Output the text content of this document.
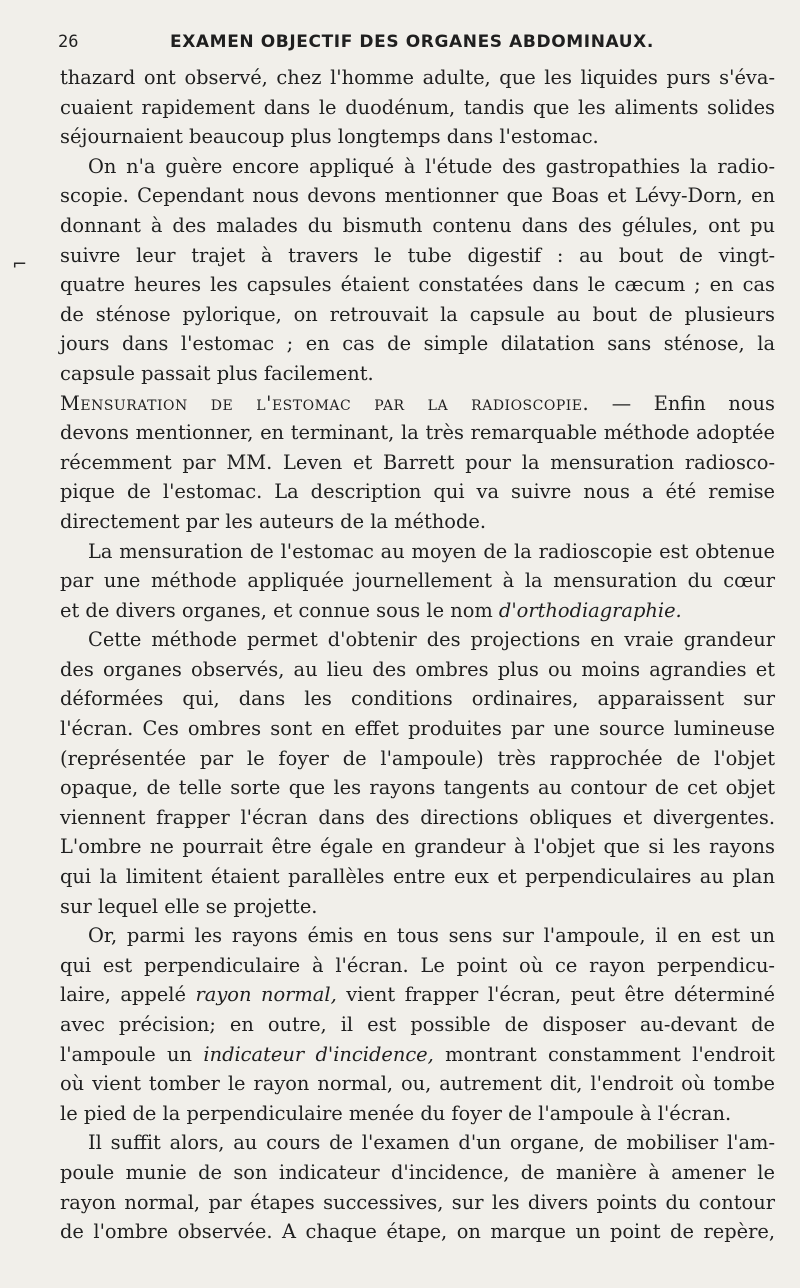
26	EXAMEN OBJECTIF DES ORGANES ABDOMINAUX.
⌐
thazard ont observé, chez l'homme adulte, que les liquides purs s'éva-
cuaient rapidement dans le duodénum, tandis que les aliments solides
séjournaient beaucoup plus longtemps dans l'estomac.
On n'a guère encore appliqué à l'étude des gastropathies la radio-
scopie. Cependant nous devons mentionner que Boas et Lévy-Dorn, en
donnant à des malades du bismuth contenu dans des gélules, ont pu
suivre leur trajet à travers le tube digestif : au bout de vingt-
quatre heures les capsules étaient constatées dans le cæcum ; en cas
de sténose pylorique, on retrouvait la capsule au bout de plusieurs
jours dans l'estomac ; en cas de simple dilatation sans sténose, la
capsule passait plus facilement.
Mensuration de l'estomac par la radioscopie. — Enfin nous
devons mentionner, en terminant, la très remarquable méthode adoptée
récemment par MM. Leven et Barrett pour la mensuration radiosco-
pique de l'estomac. La description qui va suivre nous a été remise
directement par les auteurs de la méthode.
La mensuration de l'estomac au moyen de la radioscopie est obtenue
par une méthode appliquée journellement à la mensuration du cœur
et de divers organes, et connue sous le nom d'orthodiagraphie.
Cette méthode permet d'obtenir des projections en vraie grandeur
des organes observés, au lieu des ombres plus ou moins agrandies et
déformées qui, dans les conditions ordinaires, apparaissent sur
l'écran. Ces ombres sont en effet produites par une source lumineuse
(représentée par le foyer de l'ampoule) très rapprochée de l'objet
opaque, de telle sorte que les rayons tangents au contour de cet objet
viennent frapper l'écran dans des directions obliques et divergentes.
L'ombre ne pourrait être égale en grandeur à l'objet que si les rayons
qui la limitent étaient parallèles entre eux et perpendiculaires au plan
sur lequel elle se projette.
Or, parmi les rayons émis en tous sens sur l'ampoule, il en est un
qui est perpendiculaire à l'écran. Le point où ce rayon perpendicu-
laire, appelé rayon normal, vient frapper l'écran, peut être déterminé
avec précision; en outre, il est possible de disposer au-devant de
l'ampoule un indicateur d'incidence, montrant constamment l'endroit
où vient tomber le rayon normal, ou, autrement dit, l'endroit où tombe
le pied de la perpendiculaire menée du foyer de l'ampoule à l'écran.
Il suffit alors, au cours de l'examen d'un organe, de mobiliser l'am-
poule munie de son indicateur d'incidence, de manière à amener le
rayon normal, par étapes successives, sur les divers points du contour
de l'ombre observée. A chaque étape, on marque un point de repère,
